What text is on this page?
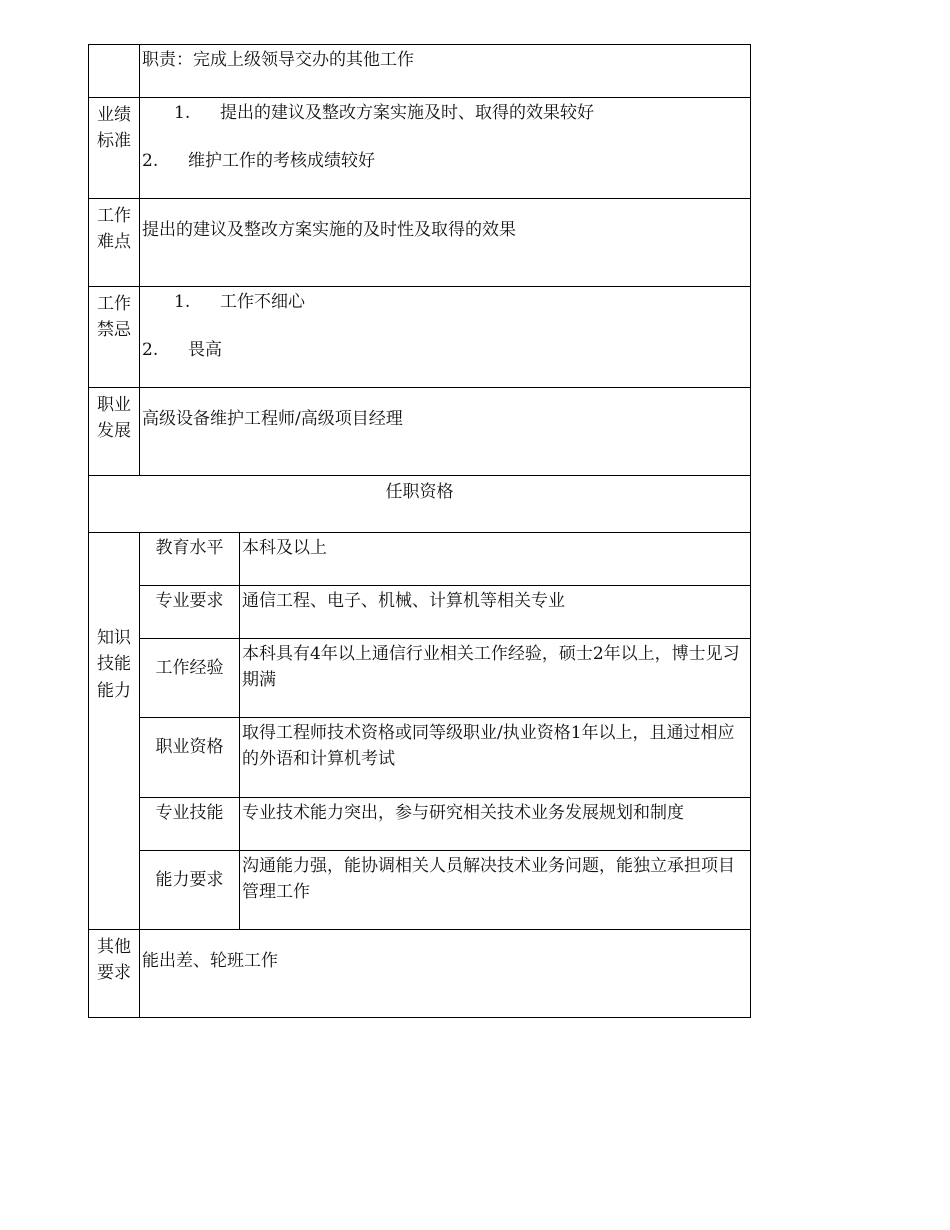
	职责：完成上级领导交办的其他工作	
业绩标准	1. 提出的建议及整改方案实施及时、取得的效果较好
2. 维护工作的考核成绩较好	

工作难点	提出的建议及整改方案实施的及时性及取得的效果	
工作禁忌	1. 工作不细心
2. 畏高	

职业发展	高级设备维护工程师/高级项目经理	
任职资格		
知识技能能力	教育水平	本科及以上
	专业要求	通信工程、电子、机械、计算机等相关专业
	工作经验	本科具有4年以上通信行业相关工作经验，硕士2年以上，博士见习期满
	职业资格	取得工程师技术资格或同等级职业/执业资格1年以上，且通过相应的外语和计算机考试
	专业技能	专业技术能力突出，参与研究相关技术业务发展规划和制度
	能力要求	沟通能力强，能协调相关人员解决技术业务问题，能独立承担项目管理工作
其他要求	能出差、轮班工作	
